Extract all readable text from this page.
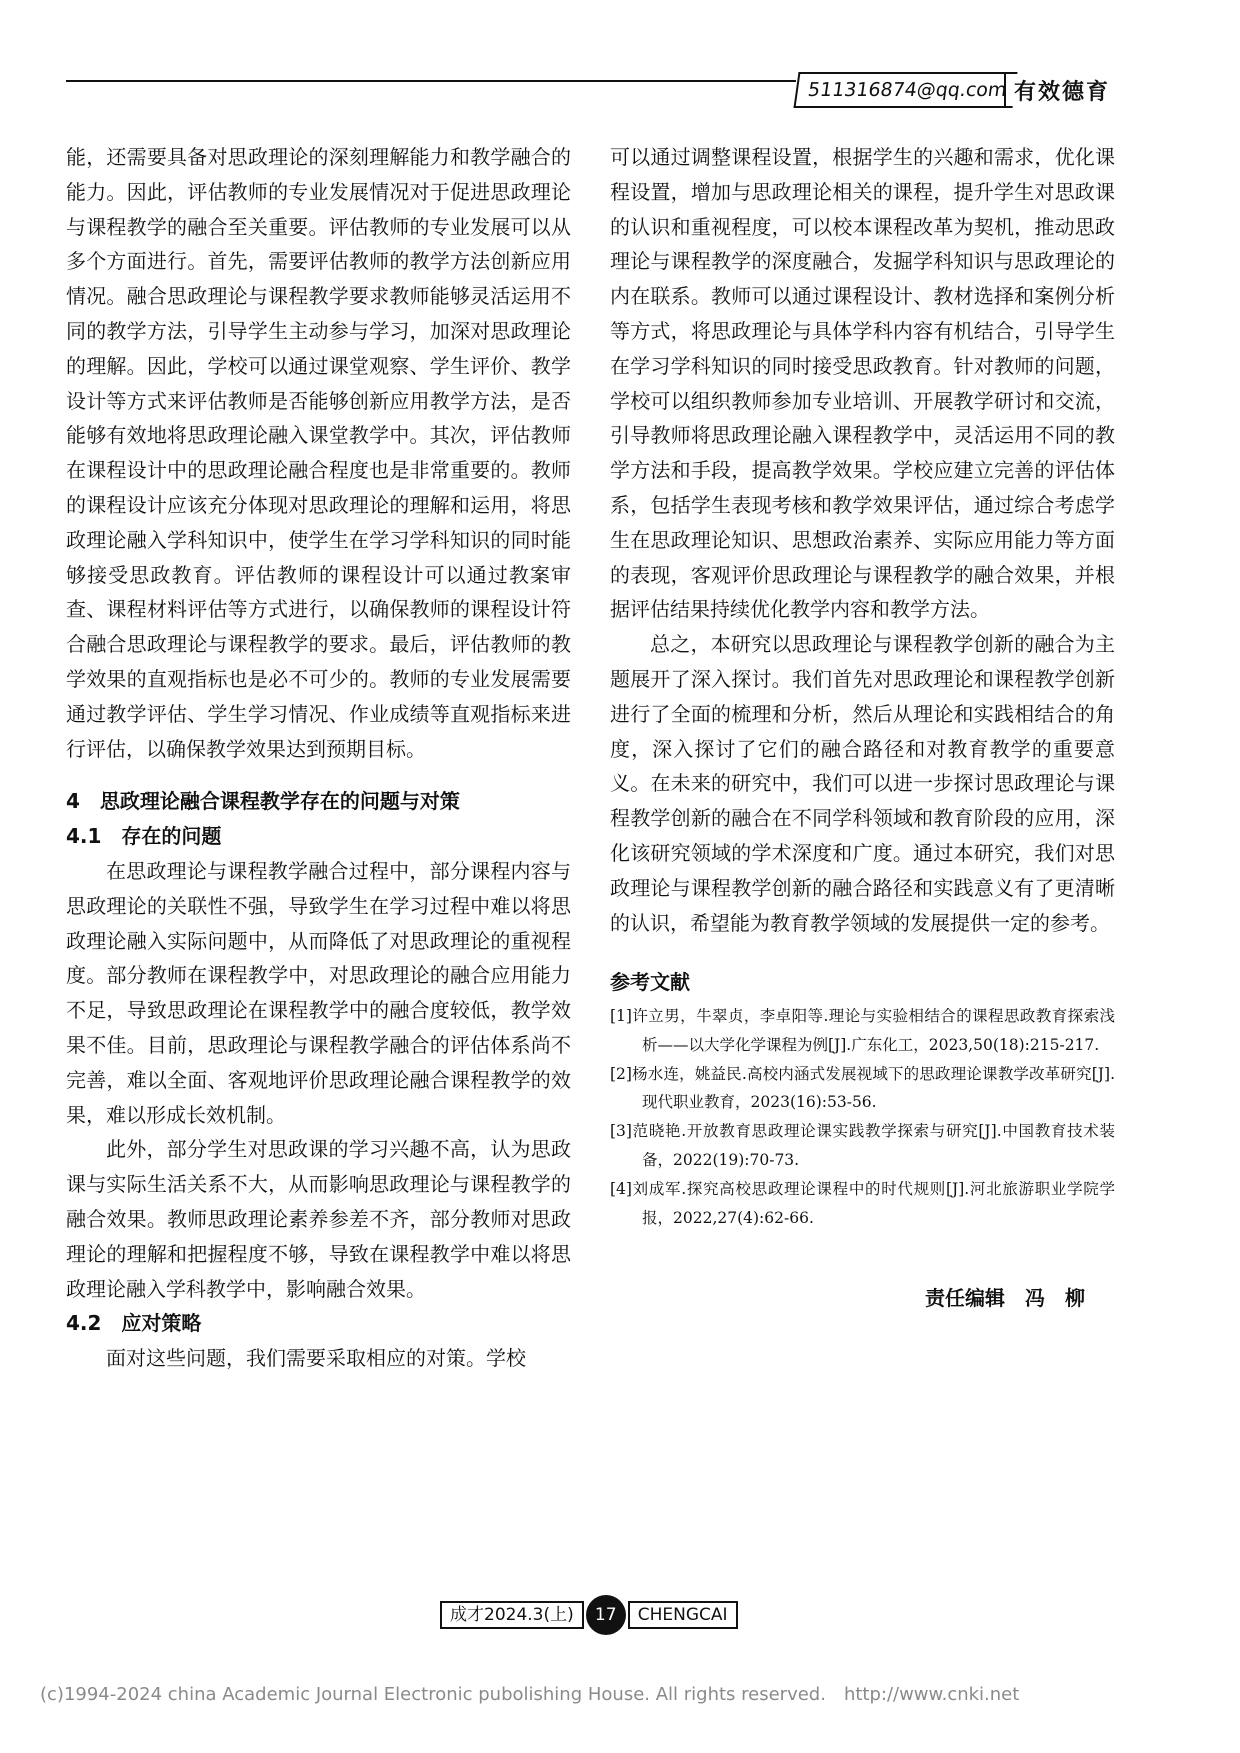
511316874@qq.com 有效德育

能，还需要具备对思政理论的深刻理解能力和教学融合的能力。因此，评估教师的专业发展情况对于促进思政理论与课程教学的融合至关重要。评估教师的专业发展可以从多个方面进行。首先，需要评估教师的教学方法创新应用情况。融合思政理论与课程教学要求教师能够灵活运用不同的教学方法，引导学生主动参与学习，加深对思政理论的理解。因此，学校可以通过课堂观察、学生评价、教学设计等方式来评估教师是否能够创新应用教学方法，是否能够有效地将思政理论融入课堂教学中。其次，评估教师在课程设计中的思政理论融合程度也是非常重要的。教师的课程设计应该充分体现对思政理论的理解和运用，将思政理论融入学科知识中，使学生在学习学科知识的同时能够接受思政教育。评估教师的课程设计可以通过教案审查、课程材料评估等方式进行，以确保教师的课程设计符合融合思政理论与课程教学的要求。最后，评估教师的教学效果的直观指标也是必不可少的。教师的专业发展需要通过教学评估、学生学习情况、作业成绩等直观指标来进行评估，以确保教学效果达到预期目标。

4　思政理论融合课程教学存在的问题与对策

4.1　存在的问题

在思政理论与课程教学融合过程中，部分课程内容与思政理论的关联性不强，导致学生在学习过程中难以将思政理论融入实际问题中，从而降低了对思政理论的重视程度。部分教师在课程教学中，对思政理论的融合应用能力不足，导致思政理论在课程教学中的融合度较低，教学效果不佳。目前，思政理论与课程教学融合的评估体系尚不完善，难以全面、客观地评价思政理论融合课程教学的效果，难以形成长效机制。

此外，部分学生对思政课的学习兴趣不高，认为思政课与实际生活关系不大，从而影响思政理论与课程教学的融合效果。教师思政理论素养参差不齐，部分教师对思政理论的理解和把握程度不够，导致在课程教学中难以将思政理论融入学科教学中，影响融合效果。

4.2　应对策略

面对这些问题，我们需要采取相应的对策。学校

可以通过调整课程设置，根据学生的兴趣和需求，优化课程设置，增加与思政理论相关的课程，提升学生对思政课的认识和重视程度，可以校本课程改革为契机，推动思政理论与课程教学的深度融合，发掘学科知识与思政理论的内在联系。教师可以通过课程设计、教材选择和案例分析等方式，将思政理论与具体学科内容有机结合，引导学生在学习学科知识的同时接受思政教育。针对教师的问题，学校可以组织教师参加专业培训、开展教学研讨和交流，引导教师将思政理论融入课程教学中，灵活运用不同的教学方法和手段，提高教学效果。学校应建立完善的评估体系，包括学生表现考核和教学效果评估，通过综合考虑学生在思政理论知识、思想政治素养、实际应用能力等方面的表现，客观评价思政理论与课程教学的融合效果，并根据评估结果持续优化教学内容和教学方法。

总之，本研究以思政理论与课程教学创新的融合为主题展开了深入探讨。我们首先对思政理论和课程教学创新进行了全面的梳理和分析，然后从理论和实践相结合的角度，深入探讨了它们的融合路径和对教育教学的重要意义。在未来的研究中，我们可以进一步探讨思政理论与课程教学创新的融合在不同学科领域和教育阶段的应用，深化该研究领域的学术深度和广度。通过本研究，我们对思政理论与课程教学创新的融合路径和实践意义有了更清晰的认识，希望能为教育教学领域的发展提供一定的参考。

参考文献

[1]许立男，牛翠贞，李卓阳等.理论与实验相结合的课程思政教育探索浅析——以大学化学课程为例[J].广东化工，2023,50(18):215-217.

[2]杨水连，姚益民.高校内涵式发展视域下的思政理论课教学改革研究[J].现代职业教育，2023(16):53-56.

[3]范晓艳.开放教育思政理论课实践教学探索与研究[J].中国教育技术装备，2022(19):70-73.

[4]刘成军.探究高校思政理论课程中的时代规则[J].河北旅游职业学院学报，2022,27(4):62-66.

责任编辑　冯　柳
成才2024.3(上)	17	CHENGCAI
(c)1994-2024 china Academic Journal Electronic pubolishing House. All rights reserved.　http://www.cnki.net
